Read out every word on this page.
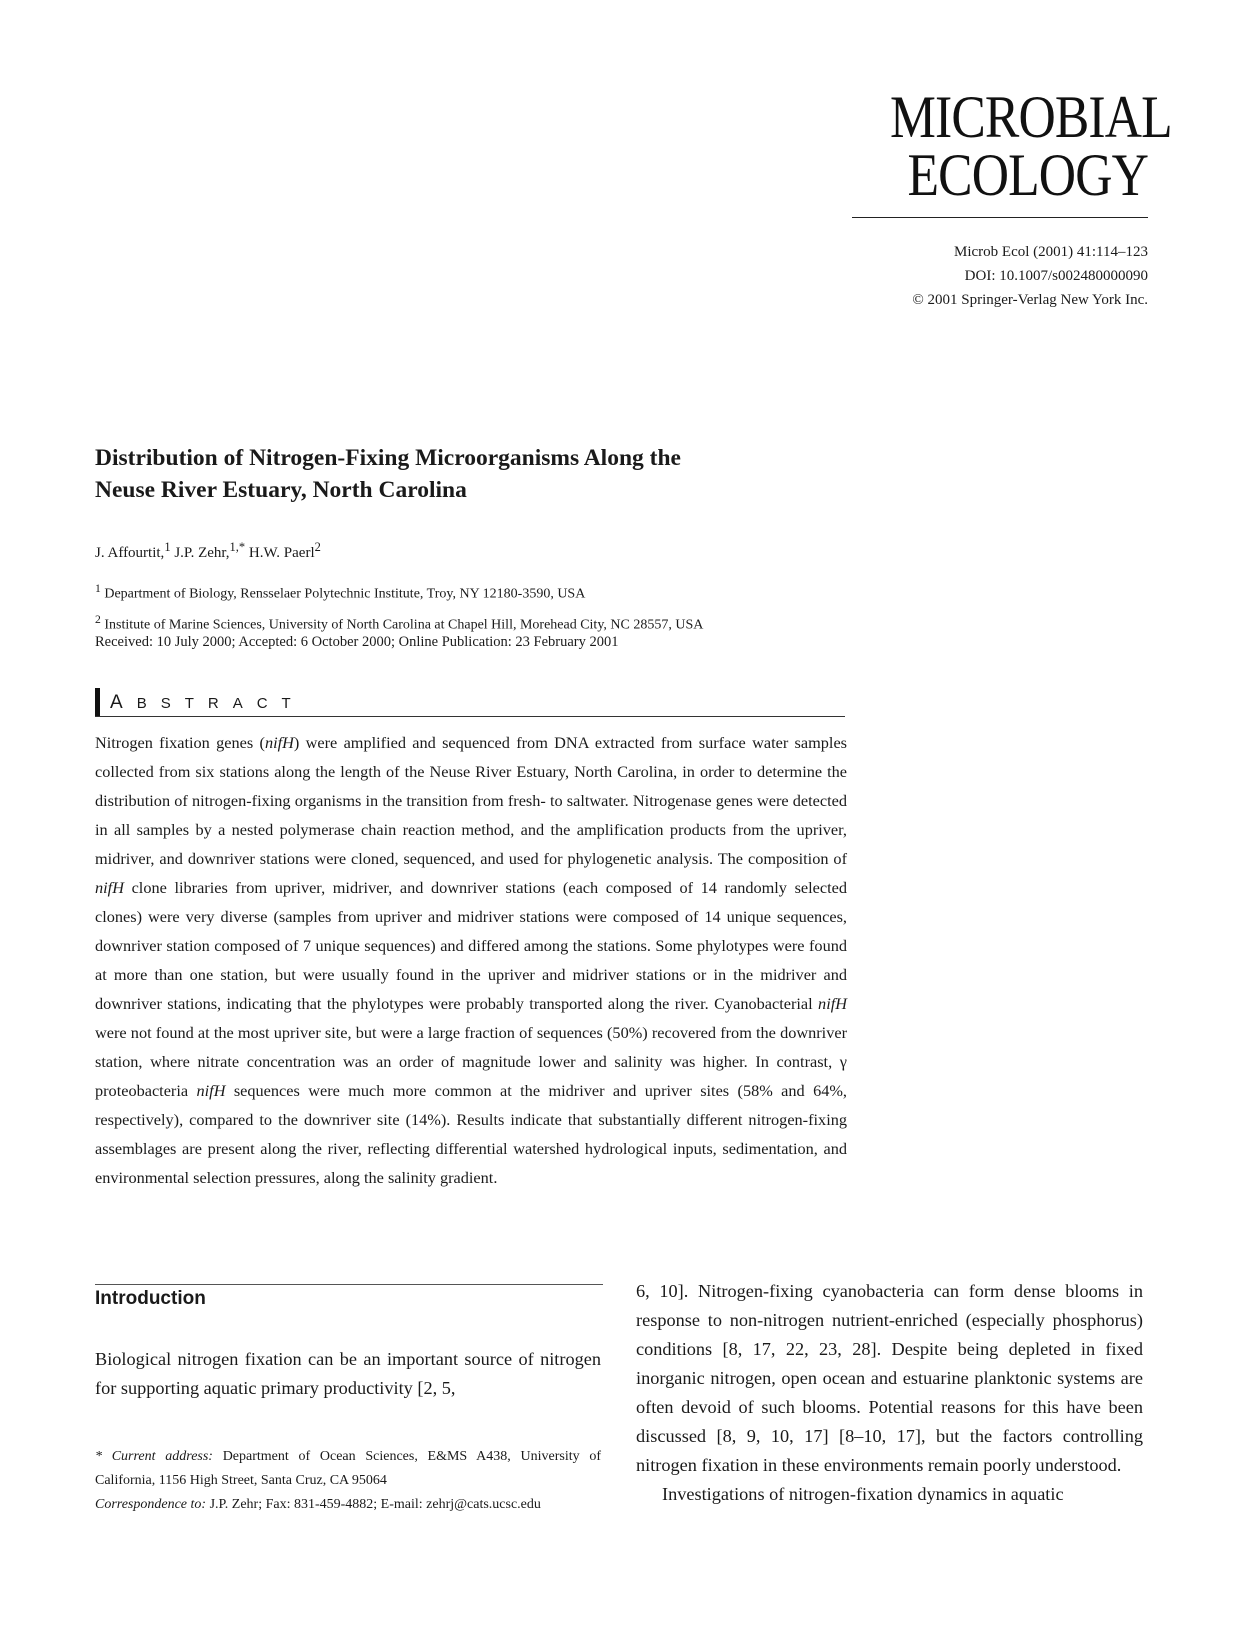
MICROBIAL
ECOLOGY
Microb Ecol (2001) 41:114–123
DOI: 10.1007/s002480000090
© 2001 Springer-Verlag New York Inc.
Distribution of Nitrogen-Fixing Microorganisms Along the
Neuse River Estuary, North Carolina
J. Affourtit,$^1$ J.P. Zehr,$^{1,*}$ H.W. Paerl$^2$
$^1$ Department of Biology, Rensselaer Polytechnic Institute, Troy, NY 12180-3590, USA
$^2$ Institute of Marine Sciences, University of North Carolina at Chapel Hill, Morehead City, NC 28557, USA
Received: 10 July 2000; Accepted: 6 October 2000; Online Publication: 23 February 2001
ABSTRACT
Nitrogen fixation genes (nifH) were amplified and sequenced from DNA extracted from surface water samples collected from six stations along the length of the Neuse River Estuary, North Carolina, in order to determine the distribution of nitrogen-fixing organisms in the transition from fresh- to saltwater. Nitrogenase genes were detected in all samples by a nested polymerase chain reaction method, and the amplification products from the upriver, midriver, and downriver stations were cloned, sequenced, and used for phylogenetic analysis. The composition of nifH clone libraries from upriver, midriver, and downriver stations (each composed of 14 randomly selected clones) were very diverse (samples from upriver and midriver stations were composed of 14 unique sequences, downriver station composed of 7 unique sequences) and differed among the stations. Some phylotypes were found at more than one station, but were usually found in the upriver and midriver stations or in the midriver and downriver stations, indicating that the phylotypes were probably transported along the river. Cyanobacterial nifH were not found at the most upriver site, but were a large fraction of sequences (50%) recovered from the downriver station, where nitrate concentration was an order of magnitude lower and salinity was higher. In contrast, γ proteobacteria nifH sequences were much more common at the midriver and upriver sites (58% and 64%, respectively), compared to the downriver site (14%). Results indicate that substantially different nitrogen-fixing assemblages are present along the river, reflecting differential watershed hydrological inputs, sedimentation, and environmental selection pressures, along the salinity gradient.
Introduction
Biological nitrogen fixation can be an important source of nitrogen for supporting aquatic primary productivity [2, 5,

* Current address: Department of Ocean Sciences, E&MS A438, University of California, 1156 High Street, Santa Cruz, CA 95064

Correspondence to: J.P. Zehr; Fax: 831-459-4882; E-mail: zehrj@cats.ucsc.edu

6, 10]. Nitrogen-fixing cyanobacteria can form dense blooms in response to non-nitrogen nutrient-enriched (especially phosphorus) conditions [8, 17, 22, 23, 28]. Despite being depleted in fixed inorganic nitrogen, open ocean and estuarine planktonic systems are often devoid of such blooms. Potential reasons for this have been discussed [8, 9, 10, 17] [8–10, 17], but the factors controlling nitrogen fixation in these environments remain poorly understood.

Investigations of nitrogen-fixation dynamics in aquatic
